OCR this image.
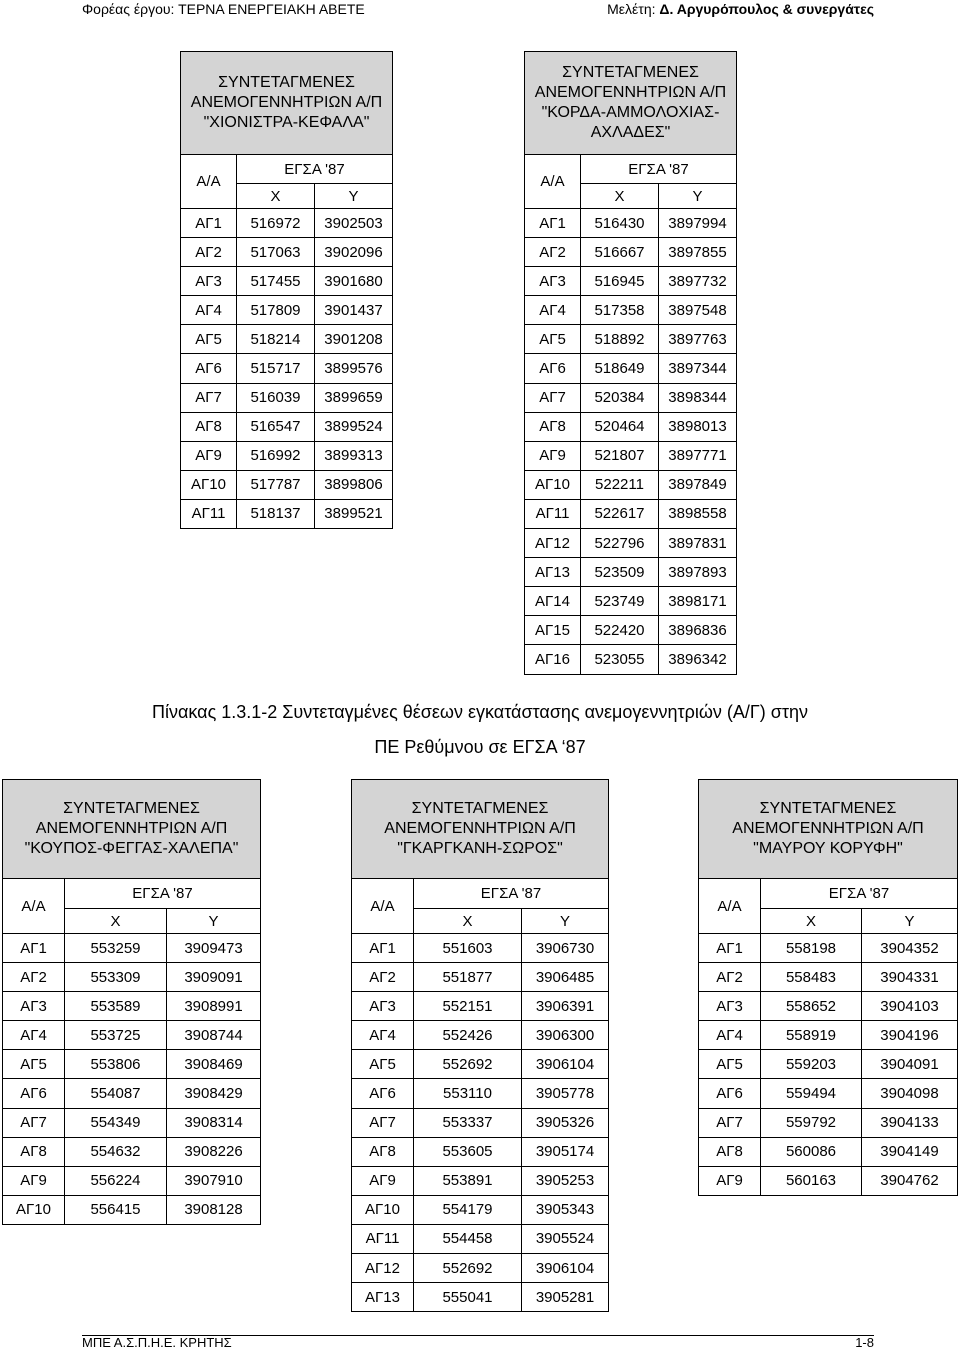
Φορέας έργου: ΤΕΡΝΑ ΕΝΕΡΓΕΙΑΚΗ ΑΒΕΤΕ	Μελέτη: Δ. Αργυρόπουλος & συνεργάτες
ΣΥΝΤΕΤΑΓΜΕΝΕΣ ΑΝΕΜΟΓΕΝΝΗΤΡΙΩΝ Α/Π "ΧΙΟΝΙΣΤΡΑ-ΚΕΦΑΛΑ"		
Α/Α	ΕΓΣΑ '87	
	X	Y
ΑΓ1	516972	3902503
ΑΓ2	517063	3902096
ΑΓ3	517455	3901680
ΑΓ4	517809	3901437
ΑΓ5	518214	3901208
ΑΓ6	515717	3899576
ΑΓ7	516039	3899659
ΑΓ8	516547	3899524
ΑΓ9	516992	3899313
ΑΓ10	517787	3899806
ΑΓ11	518137	3899521
ΣΥΝΤΕΤΑΓΜΕΝΕΣ ΑΝΕΜΟΓΕΝΝΗΤΡΙΩΝ Α/Π "ΚΟΡΔΑ-ΑΜΜΟΛΟΧΙΑΣ-ΑΧΛΑΔΕΣ"		
Α/Α	ΕΓΣΑ '87	
	X	Y
ΑΓ1	516430	3897994
ΑΓ2	516667	3897855
ΑΓ3	516945	3897732
ΑΓ4	517358	3897548
ΑΓ5	518892	3897763
ΑΓ6	518649	3897344
ΑΓ7	520384	3898344
ΑΓ8	520464	3898013
ΑΓ9	521807	3897771
ΑΓ10	522211	3897849
ΑΓ11	522617	3898558
ΑΓ12	522796	3897831
ΑΓ13	523509	3897893
ΑΓ14	523749	3898171
ΑΓ15	522420	3896836
ΑΓ16	523055	3896342
ΣΥΝΤΕΤΑΓΜΕΝΕΣ ΑΝΕΜΟΓΕΝΝΗΤΡΙΩΝ Α/Π "ΚΟΥΠΟΣ-ΦΕΓΓΑΣ-ΧΑΛΕΠΑ"		
Α/Α	ΕΓΣΑ '87	
	X	Y
ΑΓ1	553259	3909473
ΑΓ2	553309	3909091
ΑΓ3	553589	3908991
ΑΓ4	553725	3908744
ΑΓ5	553806	3908469
ΑΓ6	554087	3908429
ΑΓ7	554349	3908314
ΑΓ8	554632	3908226
ΑΓ9	556224	3907910
ΑΓ10	556415	3908128
ΣΥΝΤΕΤΑΓΜΕΝΕΣ ΑΝΕΜΟΓΕΝΝΗΤΡΙΩΝ Α/Π "ΓΚΑΡΓΚΑΝΗ-ΣΩΡΟΣ"		
Α/Α	ΕΓΣΑ '87	
	X	Y
ΑΓ1	551603	3906730
ΑΓ2	551877	3906485
ΑΓ3	552151	3906391
ΑΓ4	552426	3906300
ΑΓ5	552692	3906104
ΑΓ6	553110	3905778
ΑΓ7	553337	3905326
ΑΓ8	553605	3905174
ΑΓ9	553891	3905253
ΑΓ10	554179	3905343
ΑΓ11	554458	3905524
ΑΓ12	552692	3906104
ΑΓ13	555041	3905281
ΣΥΝΤΕΤΑΓΜΕΝΕΣ ΑΝΕΜΟΓΕΝΝΗΤΡΙΩΝ Α/Π "ΜΑΥΡΟΥ ΚΟΡΥΦΗ"		
Α/Α	ΕΓΣΑ '87	
	X	Y
ΑΓ1	558198	3904352
ΑΓ2	558483	3904331
ΑΓ3	558652	3904103
ΑΓ4	558919	3904196
ΑΓ5	559203	3904091
ΑΓ6	559494	3904098
ΑΓ7	559792	3904133
ΑΓ8	560086	3904149
ΑΓ9	560163	3904762
Πίνακας 1.3.1-2 Συντεταγμένες θέσεων εγκατάστασης ανεμογεννητριών (Α/Γ) στην
ΠΕ Ρεθύμνου σε ΕΓΣΑ ‘87
ΜΠΕ Α.Σ.Π.Η.Ε. ΚΡΗΤΗΣ	1-8
